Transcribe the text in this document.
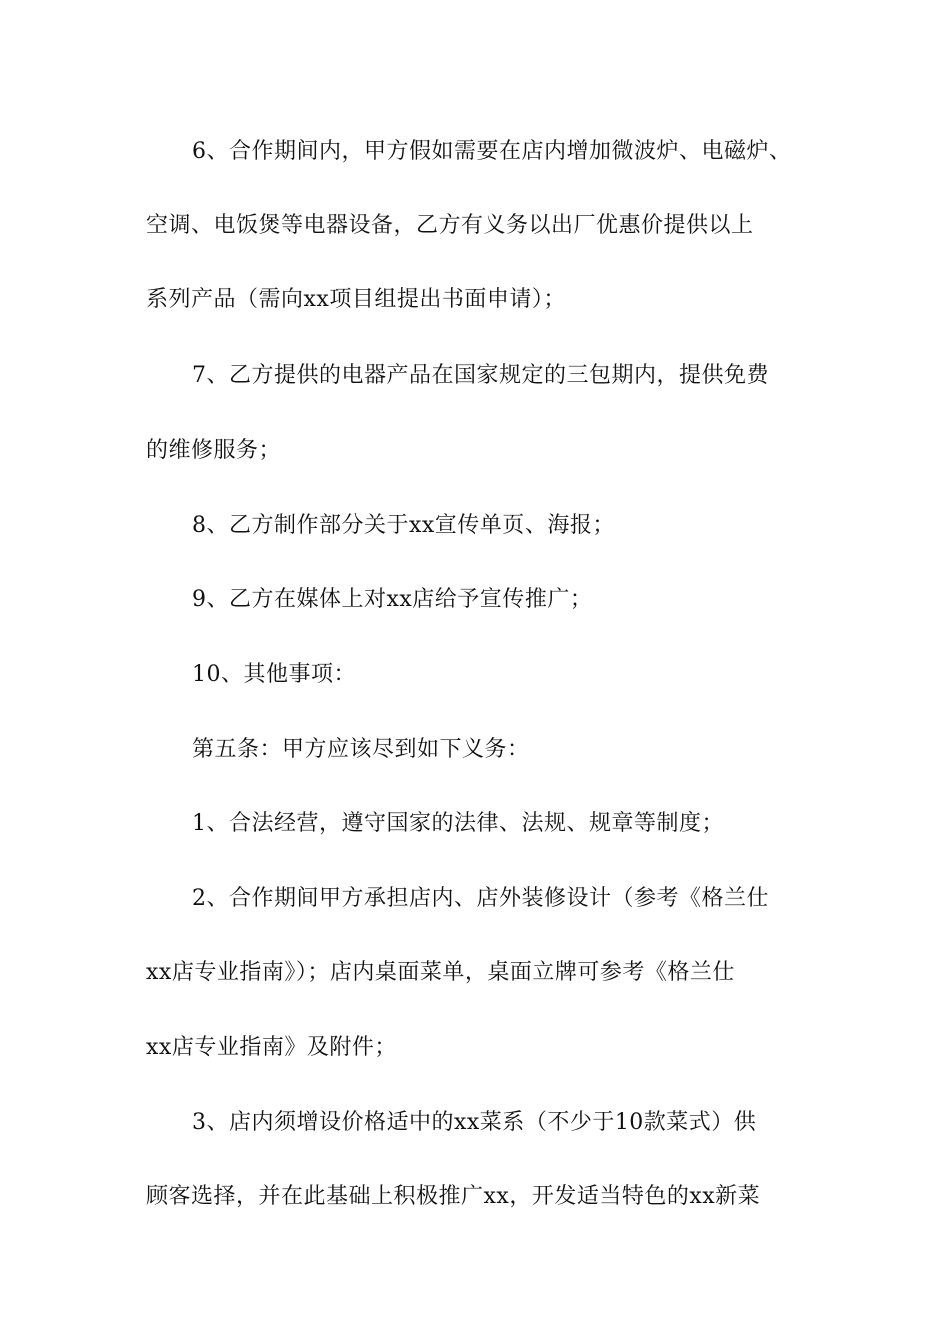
6、合作期间内，甲方假如需要在店内增加微波炉、电磁炉、
空调、电饭煲等电器设备，乙方有义务以出厂优惠价提供以上
系列产品（需向xx项目组提出书面申请）；
7、乙方提供的电器产品在国家规定的三包期内，提供免费
的维修服务；
8、乙方制作部分关于xx宣传单页、海报；
9、乙方在媒体上对xx店给予宣传推广；
10、其他事项：
第五条：甲方应该尽到如下义务：
1、合法经营，遵守国家的法律、法规、规章等制度；
2、合作期间甲方承担店内、店外装修设计（参考《格兰仕
xx店专业指南》）；店内桌面菜单，桌面立牌可参考《格兰仕
xx店专业指南》及附件；
3、店内须增设价格适中的xx菜系（不少于10款菜式）供
顾客选择，并在此基础上积极推广xx，开发适当特色的xx新菜
